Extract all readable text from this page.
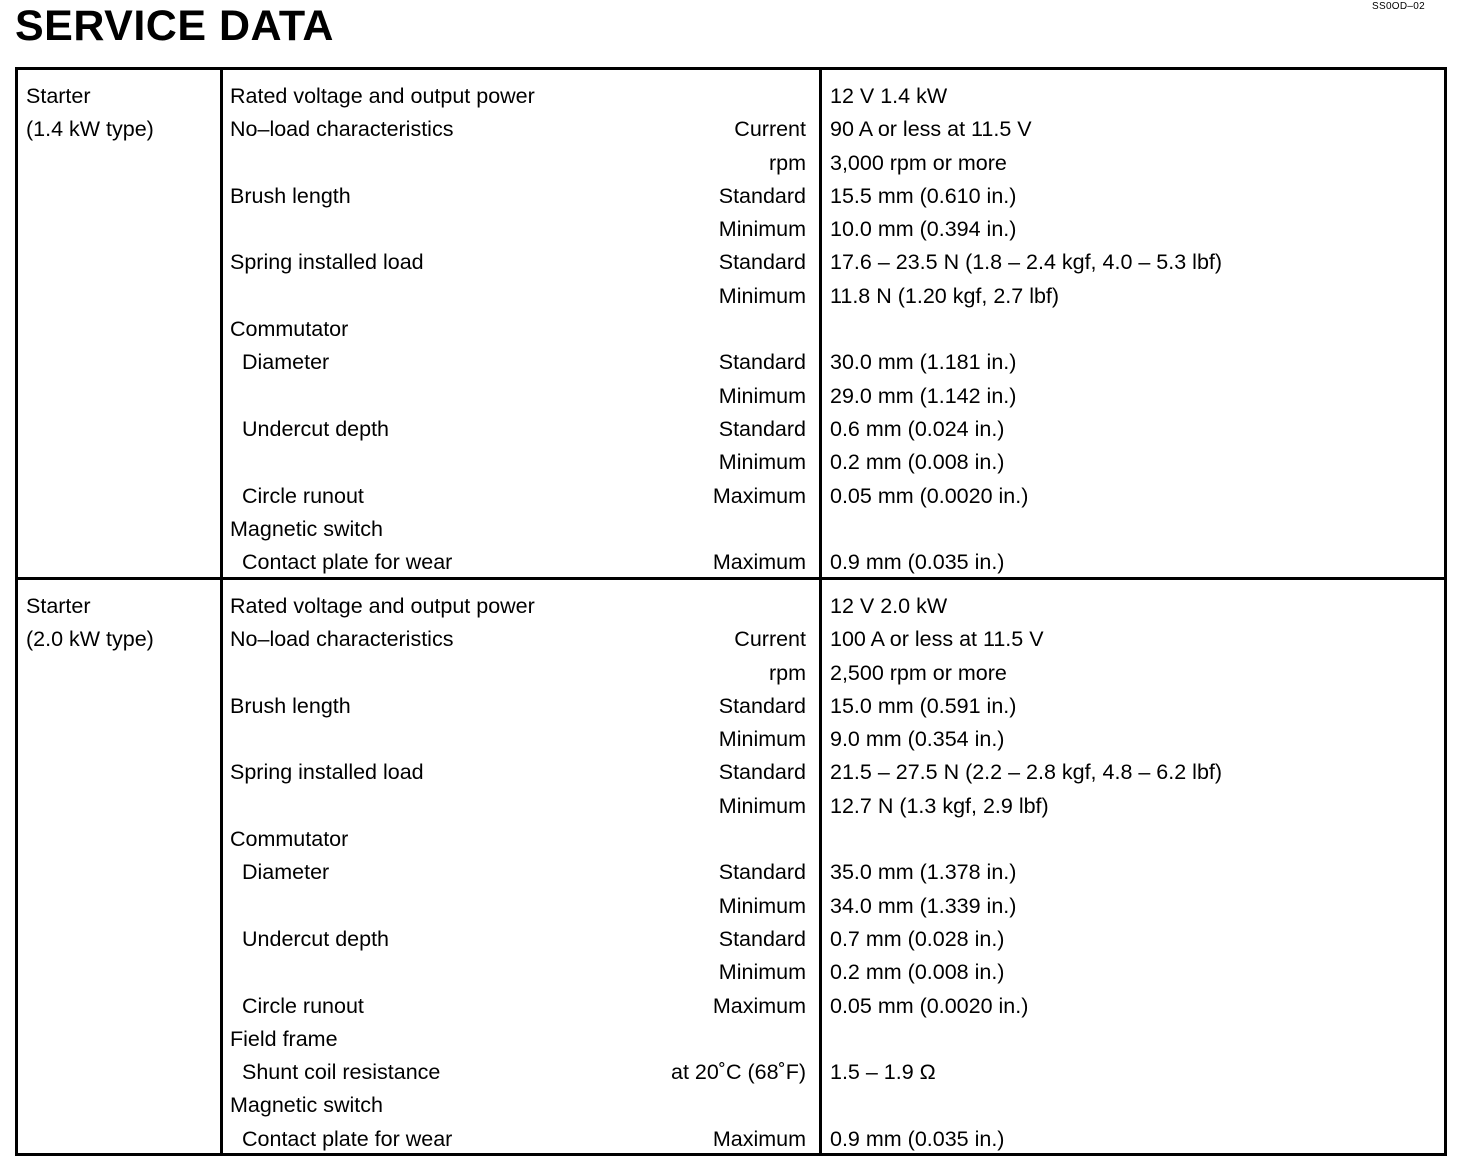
SERVICE DATA	SS0OD–02
Starter
(1.4 kW type)
Rated voltage and output power	12 V 1.4 kW
No–load characteristics	Current 90 A or less at 11.5 V
rpm 3,000 rpm or more
Brush length	Standard 15.5 mm (0.610 in.)
Minimum 10.0 mm (0.394 in.)
Spring installed load	Standard 17.6 – 23.5 N (1.8 – 2.4 kgf, 4.0 – 5.3 lbf)
Minimum 11.8 N (1.20 kgf, 2.7 lbf)
Commutator
Diameter	Standard 30.0 mm (1.181 in.)
Minimum 29.0 mm (1.142 in.)
Undercut depth	Standard 0.6 mm (0.024 in.)
Minimum 0.2 mm (0.008 in.)
Circle runout	Maximum 0.05 mm (0.0020 in.)
Magnetic switch
Contact plate for wear	Maximum 0.9 mm (0.035 in.)
Starter
(2.0 kW type)
Rated voltage and output power	12 V 2.0 kW
No–load characteristics	Current 100 A or less at 11.5 V
rpm 2,500 rpm or more
Brush length	Standard 15.0 mm (0.591 in.)
Minimum 9.0 mm (0.354 in.)
Spring installed load	Standard 21.5 – 27.5 N (2.2 – 2.8 kgf, 4.8 – 6.2 lbf)
Minimum 12.7 N (1.3 kgf, 2.9 lbf)
Commutator
Diameter	Standard 35.0 mm (1.378 in.)
Minimum 34.0 mm (1.339 in.)
Undercut depth	Standard 0.7 mm (0.028 in.)
Minimum 0.2 mm (0.008 in.)
Circle runout	Maximum 0.05 mm (0.0020 in.)
Field frame
Shunt coil resistance	at 20˚C (68˚F) 1.5 – 1.9 Ω
Magnetic switch
Contact plate for wear	Maximum 0.9 mm (0.035 in.)
